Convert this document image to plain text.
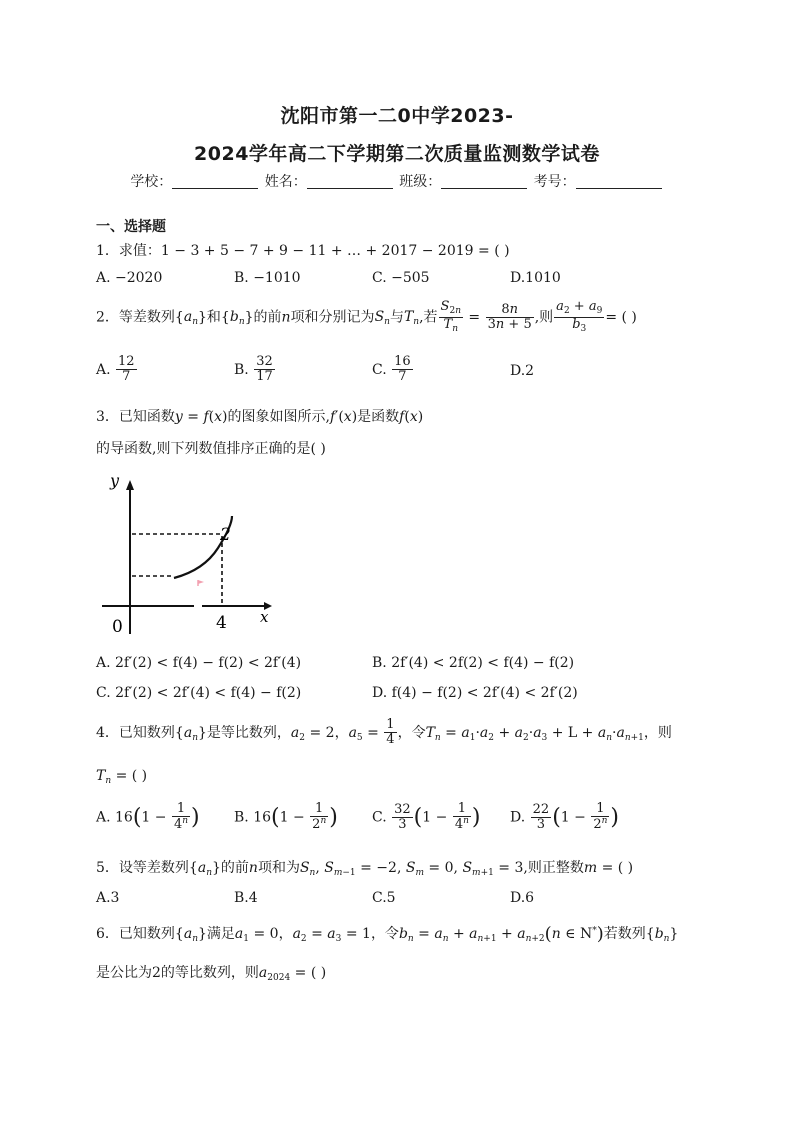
沈阳市第一二0中学2023-
2024学年高二下学期第二次质量监测数学试卷
学校：	姓名：	班级：	考号：
一、选择题
1．求值：1 − 3 + 5 − 7 + 9 − 11 + … + 2017 − 2019 = ( )
A. −2020	B. −1010	C. −505	D.1010
2．等差数列$\{a_n\}$和$\{b_n\}$的前n项和分别记为$S_n$与$T_n$,若 $\frac{S_{2n}}{T_n} = \frac{8n}{3n + 5}$ ,则 $\frac{a_2 + a_9}{b_3}$ = ( )
A. $\frac{12}{7}$	B. $\frac{32}{17}$	C. $\frac{16}{7}$	D.2
3．已知函数y = f(x)的图象如图所示,f′(x)是函数f(x)
的导函数,则下列数值排序正确的是( )
y
x
0
2
4
A. 2f′(2) < f(4) − f(2) < 2f′(4)	B. 2f′(4) < 2f(2) < f(4) − f(2)
C. 2f′(2) < 2f′(4) < f(4) − f(2)	D. f(4) − f(2) < 2f′(4) < 2f′(2)
4．已知数列$\{a_n\}$是等比数列，$a_2 = 2$，$a_5 = \frac{1}{4}$ ，令$T_n = a_1\cdot a_2 + a_2\cdot a_3 + L + a_n\cdot a_{n+1}$，则
$T_n$ = ( )
A. $16(1 - \frac{1}{4^n}$ ) B. $16(1 - \frac{1}{2^n}$ ) C. $\frac{32}{3} (1 - \frac{1}{4^n}$ ) D. $\frac{22}{3} (1 - \frac{1}{2^n}$ )
5．设等差数列$\{a_n\}$的前n项和为$S_n$, $S_{m-1} = -2$, $S_m = 0$, $S_{m+1} = 3$,则正整数m = ( )
A.3	B.4	C.5	D.6
6．已知数列$\{a_n\}$满足$a_1 = 0$，$a_2 = a_3 = 1$，令$b_n = a_n + a_{n+1} + a_{n+2}(n$ ∈ N*)若数列$\{b_n\}$
是公比为2的等比数列，则$a_{2024}$ = ( )
